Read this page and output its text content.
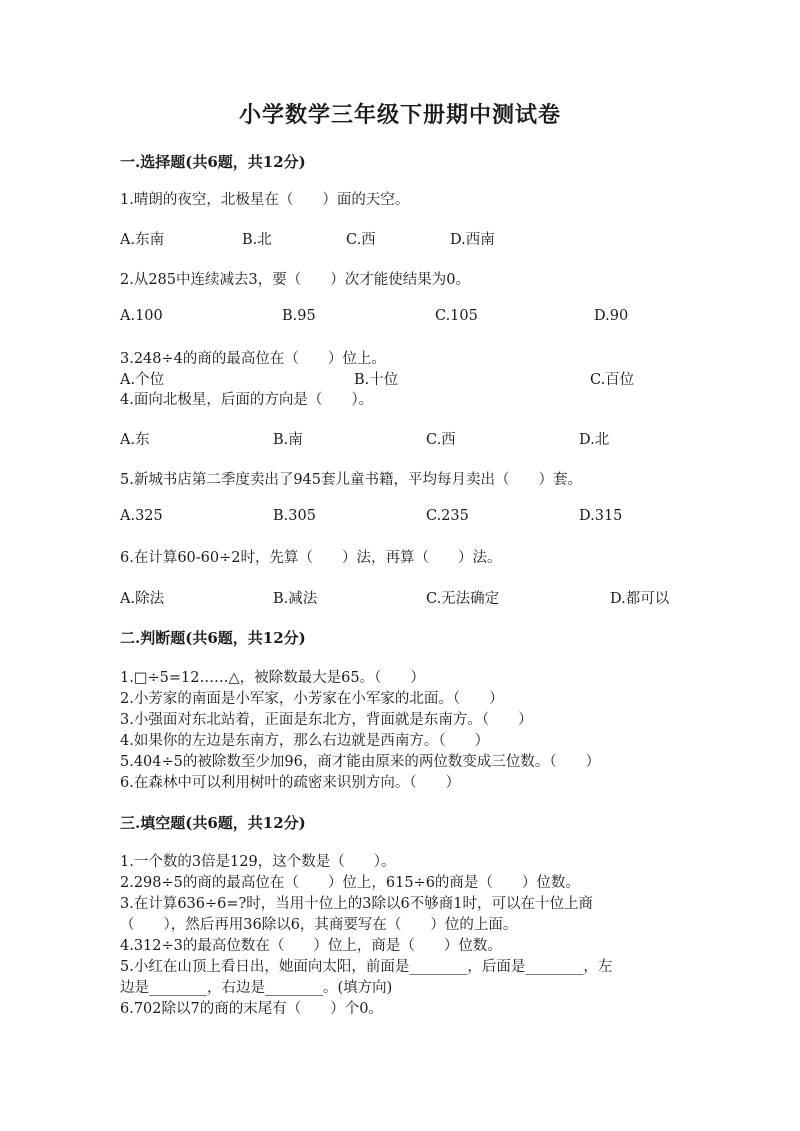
小学数学三年级下册期中测试卷
一.选择题(共6题，共12分)
1.晴朗的夜空，北极星在（　　）面的天空。
A.东南	B.北	C.西	D.西南
2.从285中连续减去3，要（　　）次才能使结果为0。
A.100	B.95	C.105	D.90
3.248÷4的商的最高位在（　　）位上。
A.个位	B.十位	C.百位
4.面向北极星，后面的方向是（　　）。
A.东	B.南	C.西	D.北
5.新城书店第二季度卖出了945套儿童书籍，平均每月卖出（　　）套。
A.325	B.305	C.235	D.315
6.在计算60-60÷2时，先算（　　）法，再算（　　）法。
A.除法	B.减法	C.无法确定	D.都可以
二.判断题(共6题，共12分)
1.□÷5=12……△，被除数最大是65。（　　）
2.小芳家的南面是小军家，小芳家在小军家的北面。（　　）
3.小强面对东北站着，正面是东北方，背面就是东南方。（　　）
4.如果你的左边是东南方，那么右边就是西南方。（　　）
5.404÷5的被除数至少加96，商才能由原来的两位数变成三位数。（　　）
6.在森林中可以利用树叶的疏密来识别方向。（　　）
三.填空题(共6题，共12分)
1.一个数的3倍是129，这个数是（　　）。
2.298÷5的商的最高位在（　　）位上，615÷6的商是（　　）位数。
3.在计算636÷6=?时，当用十位上的3除以6不够商1时，可以在十位上商
（　　），然后再用36除以6，其商要写在（　　）位的上面。
4.312÷3的最高位数在（　　）位上，商是（　　）位数。
5.小红在山顶上看日出，她面向太阳，前面是________，后面是________，左
边是________，右边是________。(填方向)
6.702除以7的商的末尾有（　　）个0。
